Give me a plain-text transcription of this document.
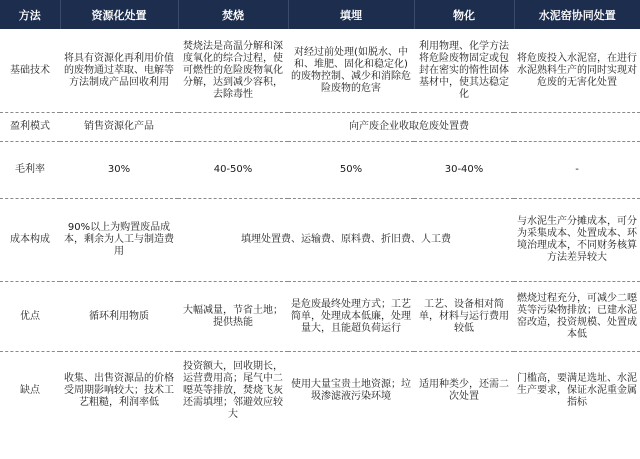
方法	资源化处置	焚烧	填埋	物化	水泥窑协同处置
基础技术	将具有资源化再利用价值的废物通过萃取、电解等方法制成产品回收利用	焚烧法是高温分解和深度氧化的综合过程，使可燃性的危险废物氧化分解，达到减少容积，去除毒性	对经过前处理(如脱水、中和、堆肥、固化和稳定化)的废物控制、减少和消除危险废物的危害	利用物理、化学方法将危险废物固定或包封在密实的惰性固体基材中，使其达稳定化	将危废投入水泥窑，在进行水泥熟料生产的同时实现对危废的无害化处置
盈利模式	销售资源化产品	向产废企业收取危废处置费			
毛利率	30%	40-50%	50%	30-40%	-
成本构成	90%以上为购置废品成本，剩余为人工与制造费用	填埋处置费、运输费、原料费、折旧费、人工费			与水泥生产分摊成本，可分为采集成本、处置成本、环境治理成本，不同财务核算方法差异较大
优点	循环利用物质	大幅减量，节省土地；提供热能	是危废最终处理方式；工艺简单，处理成本低廉，处理量大，且能超负荷运行	工艺、设备相对简单，材料与运行费用较低	燃烧过程充分，可减少二噁英等污染物排放；已建水泥窑改造，投资规模、处置成本低
缺点	收集、出售资源品的价格受周期影响较大；技术工艺粗糙，利润率低	投资额大，回收期长，运营费用高；尾气中二噁英等排放，焚烧飞灰还需填埋；邻避效应较大	使用大量宝贵土地资源；垃圾渗滤液污染环境	适用种类少，还需二次处置	门槛高，要满足选址、水泥生产要求，保证水泥重金属指标
